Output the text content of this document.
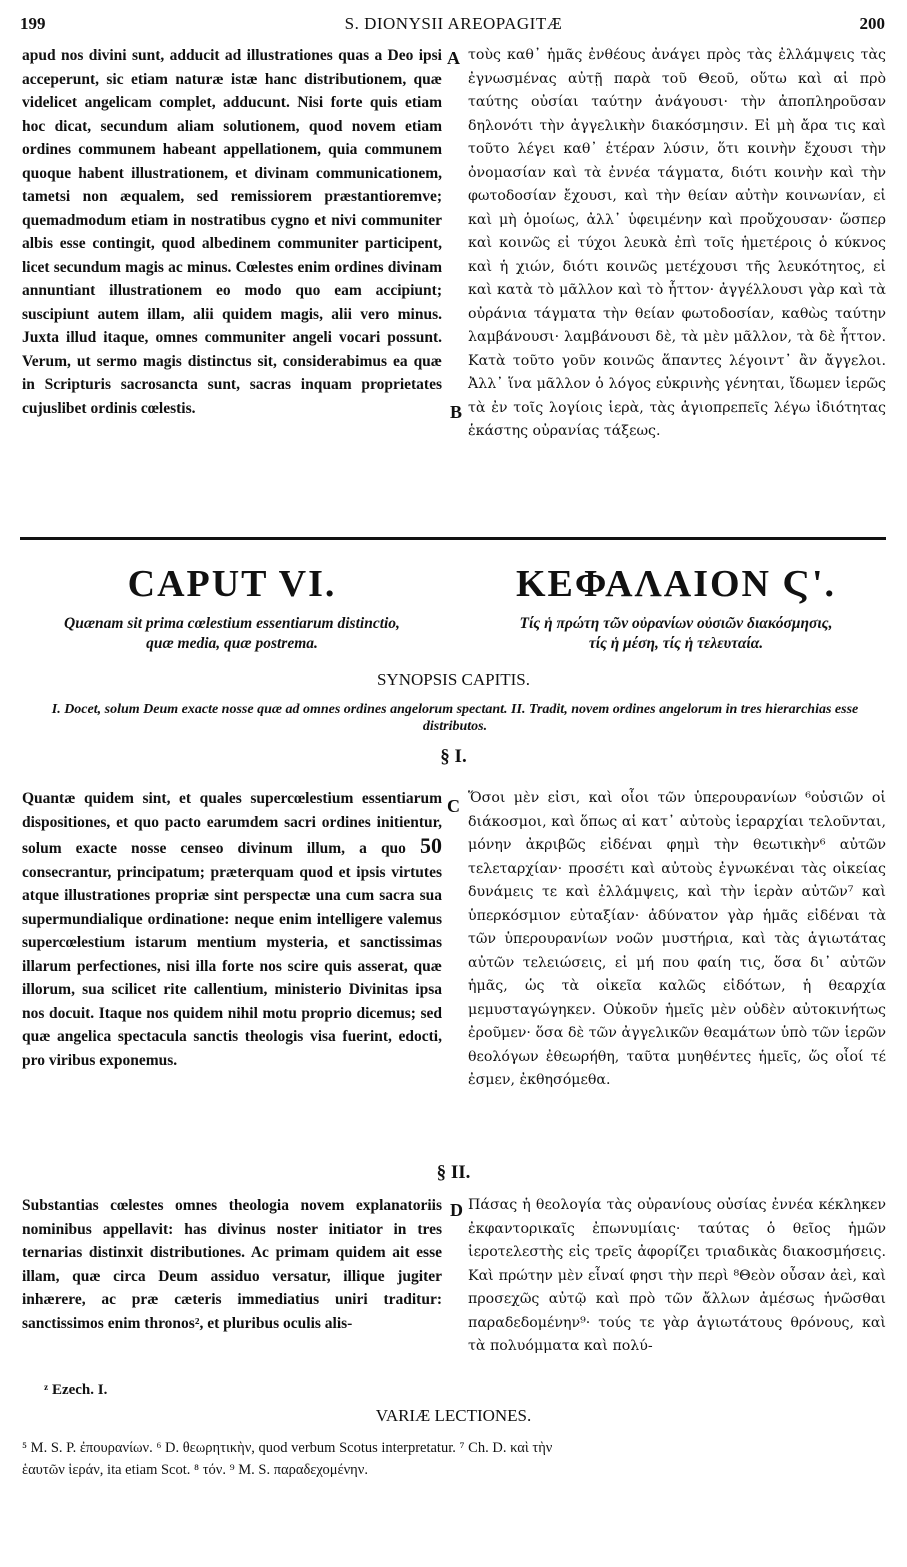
199	S. DIONYSII AREOPAGITÆ	200

apud nos divini sunt, adducit ad illustrationes quas a Deo ipsi acceperunt, sic etiam naturæ istæ hanc distributionem, quæ videlicet angelicam complet, adducunt. Nisi forte quis etiam hoc dicat, secundum aliam solutionem, quod novem etiam ordines communem habeant appellationem, quia communem quoque habent illustrationem, et divinam communicationem, tametsi non æqualem, sed remissiorem præstantioremve; quemadmodum etiam in nostratibus cygno et nivi communiter albis esse contingit, quod albedinem communiter participent, licet secundum magis ac minus. Cœlestes enim ordines divinam annuntiant illustrationem eo modo quo eam accipiunt; suscipiunt autem illam, alii quidem magis, alii vero minus. Juxta illud itaque, omnes communiter angeli vocari possunt. Verum, ut sermo magis distinctus sit, considerabimus ea quæ in Scripturis sacrosancta sunt, sacras inquam proprietates cujuslibet ordinis cœlestis.

A
B

τοὺς καθ᾽ ἡμᾶς ἐνθέους ἀνάγει πρὸς τὰς ἐλλάμψεις τὰς ἐγνωσμένας αὐτῇ παρὰ τοῦ Θεοῦ, οὕτω καὶ αἱ πρὸ ταύτης οὐσίαι ταύτην ἀνάγουσι· τὴν ἀποπληροῦσαν δηλονότι τὴν ἀγγελικὴν διακόσμησιν. Εἰ μὴ ἄρα τις καὶ τοῦτο λέγει καθ᾽ ἑτέραν λύσιν, ὅτι κοινὴν ἔχουσι τὴν ὀνομασίαν καὶ τὰ ἐννέα τάγματα, διότι κοινὴν καὶ τὴν φωτοδοσίαν ἔχουσι, καὶ τὴν θείαν αὐτὴν κοινωνίαν, εἰ καὶ μὴ ὁμοίως, ἀλλ᾽ ὑφειμένην καὶ προὔχουσαν· ὥσπερ καὶ κοινῶς εἰ τύχοι λευκὰ ἐπὶ τοῖς ἡμετέροις ὁ κύκνος καὶ ἡ χιών, διότι κοινῶς μετέχουσι τῆς λευκότητος, εἰ καὶ κατὰ τὸ μᾶλλον καὶ τὸ ἧττον· ἀγγέλλουσι γὰρ καὶ τὰ οὐράνια τάγματα τὴν θείαν φωτοδοσίαν, καθὼς ταύτην λαμβάνουσι· λαμβάνουσι δὲ, τὰ μὲν μᾶλλον, τὰ δὲ ἧττον. Κατὰ τοῦτο γοῦν κοινῶς ἅπαντες λέγοιντ᾽ ἂν ἄγγελοι. Ἀλλ᾽ ἵνα μᾶλλον ὁ λόγος εὐκρινὴς γένηται, ἴδωμεν ἱερῶς τὰ ἐν τοῖς λογίοις ἱερὰ, τὰς ἁγιοπρεπεῖς λέγω ἰδιότητας ἑκάστης οὐρανίας τάξεως.

CAPUT VI.	ΚΕΦΑΛΑΙΟΝ Ϛ'.

Quænam sit prima cœlestium essentiarum distinctio,

quæ media, quæ postrema.

Τίς ἡ πρώτη τῶν οὐρανίων οὐσιῶν διακόσμησις,

τίς ἡ μέση, τίς ἡ τελευταία.

SYNOPSIS CAPITIS.

I. Docet, solum Deum exacte nosse quæ ad omnes ordines angelorum spectant. II. Tradit, novem ordines angelorum in tres hierarchias esse distributos.

§ I.

C

Quantæ quidem sint, et quales supercœlestium essentiarum dispositiones, et quo pacto earumdem sacri ordines initientur, solum exacte nosse censeo divinum illum, a quo 50 consecrantur, principatum; præterquam quod et ipsis virtutes atque illustrationes propriæ sint perspectæ una cum sacra sua supermundialique ordinatione: neque enim intelligere valemus supercœlestium istarum mentium mysteria, et sanctissimas illarum perfectiones, nisi illa forte nos scire quis asserat, quæ illorum, sua scilicet rite callentium, ministerio Divinitas ipsa nos docuit. Itaque nos quidem nihil motu proprio dicemus; sed quæ angelica spectacula sanctis theologis visa fuerint, edocti, pro viribus exponemus.

Ὅσοι μὲν εἰσι, καὶ οἷοι τῶν ὑπερουρανίων ⁶οὐσιῶν οἱ διάκοσμοι, καὶ ὅπως αἱ κατ᾽ αὐτοὺς ἱεραρχίαι τελοῦνται, μόνην ἀκριβῶς εἰδέναι φημὶ τὴν θεωτικὴν⁶ αὐτῶν τελεταρχίαν· προσέτι καὶ αὐτοὺς ἐγνωκέναι τὰς οἰκείας δυνάμεις τε καὶ ἐλλάμψεις, καὶ τὴν ἱερὰν αὐτῶν⁷ καὶ ὑπερκόσμιον εὐταξίαν· ἀδύνατον γὰρ ἡμᾶς εἰδέναι τὰ τῶν ὑπερουρανίων νοῶν μυστήρια, καὶ τὰς ἁγιωτάτας αὐτῶν τελειώσεις, εἰ μή που φαίη τις, ὅσα δι᾽ αὐτῶν ἡμᾶς, ὡς τὰ οἰκεῖα καλῶς εἰδότων, ἡ θεαρχία μεμυσταγώγηκεν. Οὐκοῦν ἡμεῖς μὲν οὐδὲν αὐτοκινήτως ἐροῦμεν· ὅσα δὲ τῶν ἀγγελικῶν θεαμάτων ὑπὸ τῶν ἱερῶν θεολόγων ἐθεωρήθη, ταῦτα μυηθέντες ἡμεῖς, ὥς οἷοί τέ ἐσμεν, ἐκθησόμεθα.

§ II.

D

Substantias cœlestes omnes theologia novem explanatoriis nominibus appellavit: has divinus noster initiator in tres ternarias distinxit distributiones. Ac primam quidem ait esse illam, quæ circa Deum assiduo versatur, illique jugiter inhærere, ac præ cæteris immediatius uniri traditur: sanctissimos enim thronos², et pluribus oculis alis-

Πάσας ἡ θεολογία τὰς οὐρανίους οὐσίας ἐννέα κέκληκεν ἐκφαντορικαῖς ἐπωνυμίαις· ταύτας ὁ θεῖος ἡμῶν ἱεροτελεστὴς εἰς τρεῖς ἀφορίζει τριαδικὰς διακοσμήσεις. Καὶ πρώτην μὲν εἶναί φησι τὴν περὶ ⁸Θεὸν οὖσαν ἀεὶ, καὶ προσεχῶς αὐτῷ καὶ πρὸ τῶν ἄλλων ἀμέσως ἡνῶσθαι παραδεδομένην⁹· τούς τε γὰρ ἁγιωτάτους θρόνους, καὶ τὰ πολυόμματα καὶ πολύ-

ᶻ Ezech. I.

VARIÆ LECTIONES.

⁵ M. S. P. ἐπουρανίων. ⁶ D. θεωρητικὴν, quod verbum Scotus interpretatur. ⁷ Ch. D. καὶ τὴν

ἑαυτῶν ἱεράν, ita etiam Scot. ⁸ τόν. ⁹ M. S. παραδεχομένην.
